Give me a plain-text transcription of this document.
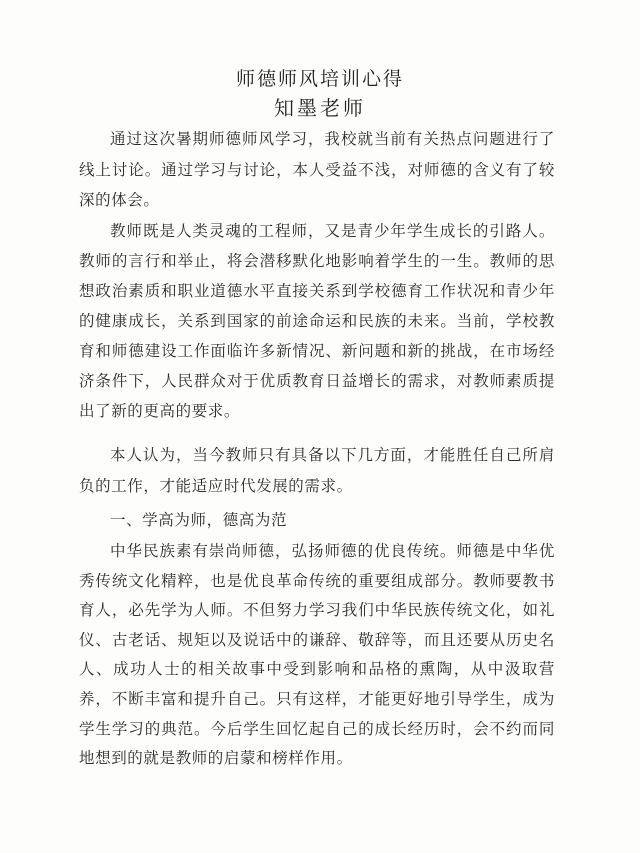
师德师风培训心得
知墨老师

通过这次暑期师德师风学习，我校就当前有关热点问题进行了线上讨论。通过学习与讨论，本人受益不浅，对师德的含义有了较深的体会。

教师既是人类灵魂的工程师，又是青少年学生成长的引路人。教师的言行和举止，将会潜移默化地影响着学生的一生。教师的思想政治素质和职业道德水平直接关系到学校德育工作状况和青少年的健康成长，关系到国家的前途命运和民族的未来。当前，学校教育和师德建设工作面临许多新情况、新问题和新的挑战，在市场经济条件下，人民群众对于优质教育日益增长的需求，对教师素质提出了新的更高的要求。

本人认为，当今教师只有具备以下几方面，才能胜任自己所肩负的工作，才能适应时代发展的需求。

一、学高为师，德高为范

中华民族素有崇尚师德，弘扬师德的优良传统。师德是中华优秀传统文化精粹，也是优良革命传统的重要组成部分。教师要教书育人，必先学为人师。不但努力学习我们中华民族传统文化，如礼仪、古老话、规矩以及说话中的谦辞、敬辞等，而且还要从历史名人、成功人士的相关故事中受到影响和品格的熏陶，从中汲取营养，不断丰富和提升自己。只有这样，才能更好地引导学生，成为学生学习的典范。今后学生回忆起自己的成长经历时，会不约而同地想到的就是教师的启蒙和榜样作用。
